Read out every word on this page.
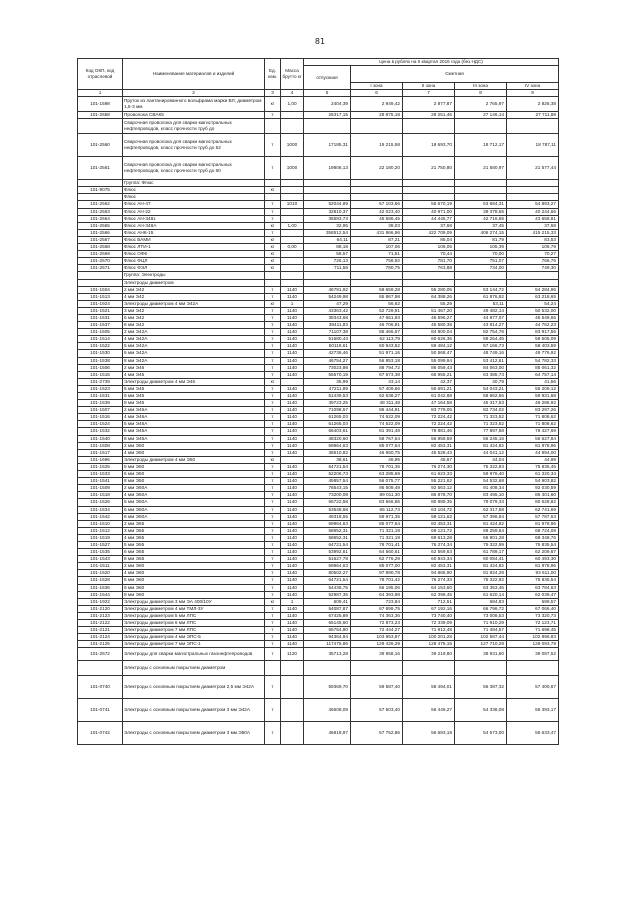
81
Код ОКП, код отраслевой	Наименование материалов и изделий	Ед. изм.	Масса брутто кг	Цена в рублях на II квартал 2016 года (без НДС)				
				отпускная	Сметная			
					I зона	II зона	III зона	IV зона
1	2	3	4	5	6	7	8	9
101-1598	Пруток из лантанированного вольфрама марки ВЛ, диаметром 1,5-3 мм	кг	1,00	2404,39	2 949,42	2 877,87	2 765,97	2 826,38
101-2558	Проволока СВАК5	т		26317,15	28 875,18	28 251,46	27 146,14	27 711,98
	Сварочная проволока для сварки магистральных нефтепроводов, класс прочности труб до							
101-2560	Сварочная проволока для сварки магистральных нефтепроводов, класс прочности труб до 52	т	1000	17185,31	19 215,58	18 693,70	18 712,17	18 787,11
101-2561	Сварочная проволока для сварки магистральных нефтепроводов, класс прочности труб до 60	т	1000	19806,13	22 180,20	21 750,80	21 580,97	21 577,44
	Группа: Флюс							
101-9075	Флюс	кг						
	Флюс							
101-2562	Флюс АН-47	т	1010	52044,89	57 103,66	55 670,19	53 684,31	54 893,27
101-2563	Флюс АН-22	т		32810,37	42 023,40	40 971,00	39 378,65	40 244,66
101-2564	Флюс АН-348з	т		35593,73	45 586,45	44 446,77	42 716,65	43 658,81
101-2565	Флюс АН-348А	кг	1,00	32,95	38,03	37,68	37,45	37,58
101-2566	Флюс АНК-15	т		358512,54	431 866,96	422 709,09	406 274,15	415 215,33
101-2567	Флюс ВАМИ	кг		64,11	87,21	85,04	81,79	83,53
101-2568	Флюс ЛТИ-1	кг	0,00	88,18	107,06	106,05	105,39	105,79
101-2569	Флюс ОФ6	кг		58,57	71,51	70,44	70,00	70,27
101-2570	Флюс ФЦЛ	кг		726,13	758,92	781,70	751,07	766,75
101-2571	Флюс ФЭЛ	кг		711,58	780,75	763,88	734,00	749,30
	Группа: Электроды							
	Электроды диаметром							
101-1504	2 мм Э42	т	1140	46791,92	58 659,28	55 280,05	53 144,72	54 284,96
101-1513	4 мм Э42	т	1140	54249,98	65 867,98	64 388,26	61 876,82	63 218,65
101-1924	Электроды диаметром 4 мм Э42А	кг	1	47,29	56,62	55,29	53,11	54,24
101-1521	3 мм Э42	т	1140	43363,42	52 729,91	51 467,20	49 482,14	50 532,00
101-1531	6 мм Э42	т	1140	39343,68	47 661,93	46 596,27	44 877,07	45 549,65
101-1537	8 мм Э42	т	1140	38411,83	46 706,81	45 580,38	43 814,27	44 762,23
101-1505	2 мм Э42А	т	1140	71107,38	86 466,57	84 800,04	82 754,76	83 917,56
101-1514	4 мм Э42А	т	1140	51680,43	62 113,79	60 626,36	58 264,46	59 505,09
101-1522	5 мм Э42А	т	1140	50118,61	60 943,52	59 484,12	57 166,73	58 403,59
101-1530	6 мм Э42А	т	1140	42736,46	51 971,16	50 568,47	48 749,16	49 776,92
101-1538	8 мм Э42А	т	1140	46754,27	56 853,18	55 099,94	53 412,61	54 782,33
101-1506	2 мм Э46	т	1140	73023,98	88 794,72	86 059,43	84 063,00	85 061,32
101-1515	4 мм Э46	т	1140	55570,19	67 573,38	65 955,21	63 385,73	64 757,14
101-2739	Электроды диаметром 4 мм Э46	кг		35,99	43,14	42,37	40,79	41,56
101-1523	5 мм Э46	т	1140	47211,89	57 409,66	55 691,21	54 043,21	55 209,12
101-1531	6 мм Э46	т	1140	51439,53	62 538,27	61 042,88	58 662,66	59 931,68
101-1539	8 мм Э46	т	1140	39723,25	48 311,48	47 164,58	45 317,53	46 286,92
101-1507	2 мм Э46А	т	1140	71098,57	86 444,91	83 779,05	82 734,02	83 297,26
101-1516	4 мм Э46А	т	1140	61265,03	74 522,09	72 224,42	71 323,52	71 808,62
101-1524	5 мм Э46А	т	1140	61265,03	74 522,09	72 224,42	71 323,52	71 808,62
101-1532	6 мм Э46А	т	1140	66403,61	81 391,48	78 881,46	77 897,58	78 427,69
101-1540	8 мм Э46А	т	1140	48320,60	58 767,64	56 959,59	56 245,16	56 627,84
101-1508	2 мм Э50	т	1140	69964,63	85 077,64	82 453,31	81 424,82	81 978,96
101-1517	4 мм Э50	т	1140	38610,82	46 950,75	45 528,43	44 041,12	44 994,00
101-1696	Электроды диаметром 4 мм Э50	кг		38,61	46,95	45,67	44,04	44,99
101-1525	5 мм Э50	т	1140	64721,54	78 701,35	76 274,30	75 322,83	75 835,45
101-1533	6 мм Э50	т	1140	52206,73	63 285,69	61 623,33	59 976,40	61 320,34
101-1541	8 мм Э50	т	1140	45857,54	56 075,77	55 221,62	54 532,68	54 903,82
101-1509	2 мм Э50А	т	1140	78543,15	95 509,49	92 563,12	91 408,34	92 030,59
101-1518	4 мм Э50А	т	1140	73200,08	89 011,30	86 878,70	83 495,10	85 301,60
101-1526	5 мм Э50А	т	1140	66722,58	83 566,86	80 989,35	79 079,33	80 528,82
101-1534	6 мм Э50А	т	1140	53548,68	65 112,73	63 104,72	62 317,58	62 741,69
101-1542	8 мм Э50А	т	1140	49318,55	59 971,35	58 121,62	57 396,94	57 787,53
101-1510	2 мм Э55	т	1140	69964,63	85 077,64	82 453,31	81 424,82	81 978,96
101-1512	3 мм Э55	т	1140	58652,31	71 321,19	69 121,72	68 259,64	68 724,08
101-1519	4 мм Э55	т	1140	58652,31	71 321,19	69 613,28	66 901,28	68 348,76
101-1527	5 мм Э55	т	1140	64721,54	78 701,41	76 274,34	75 322,99	75 835,54
101-1535	6 мм Э55	т	1140	53992,61	64 560,61	62 569,63	61 789,17	62 209,67
101-1543	8 мм Э55	т	1140	51627,78	62 776,29	60 843,34	60 084,41	60 493,30
101-1511	2 мм Э60	т	1140	69964,63	85 077,00	82 453,31	81 424,82	81 978,96
101-1520	4 мм Э60	т	1140	80502,27	97 890,78	94 865,90	91 824,29	93 611,00
101-1528	5 мм Э60	т	1140	64721,54	78 701,42	76 274,33	75 322,92	75 835,54
101-1536	6 мм Э60	т	1140	54436,75	66 195,06	64 153,60	63 353,46	63 784,63
101-1544	8 мм Э60	т	1140	52987,35	64 393,98	62 398,45	61 620,14	62 039,47
101-1922	Электроды диаметром 3 мм ЭА 400/10У	кг	1	609,41	723,84	712,51	684,83	699,57
101-2120	Электроды диаметром 4 мм ТМЛ-3У	т	1140	54087,87	67 899,75	67 192,16	66 796,72	67 066,40
101-2123	Электроды диаметром 5 мм ЛПС	т	1140	67425,89	74 363,36	73 740,40	73 008,53	73 320,73
101-2122	Электроды диаметром 6 мм ЛПС	т	1140	66145,60	72 873,23	72 339,09	71 910,29	72 123,71
101-2121	Электроды диаметром 7 мм ЛПС	т	1140	65754,80	72 444,27	71 912,48	71 484,57	71 698,45
101-2124	Электроды диаметром 4 мм ЭПС-5	т	1140	94364,94	103 953,87	100 201,28	102 587,44	102 896,83
101-2125	Электроды диаметром 7 мм ЭПС-1	т	1140	117475,86	129 426,29	128 475,15	127 710,29	128 093,79
101-2572	Электроды для сварки магистральных газонефтепроводов	т	1120	35713,28	39 958,16	39 219,80	38 931,60	39 087,52
	Электроды с основным покрытием диаметром							
101-0740	Электроды с основным покрытием диаметром 2,5 мм Э42А	т		59369,70	59 587,40	58 494,01	56 387,32	57 400,67
101-0741	Электроды с основным покрытием диаметром 3 мм Э42А	т		46608,09	57 503,40	56 446,27	54 338,08	55 393,17
101-0742	Электроды с основным покрытием диаметром 3 мм Э50А	т		46818,97	57 752,86	56 693,19	54 573,00	55 633,47
